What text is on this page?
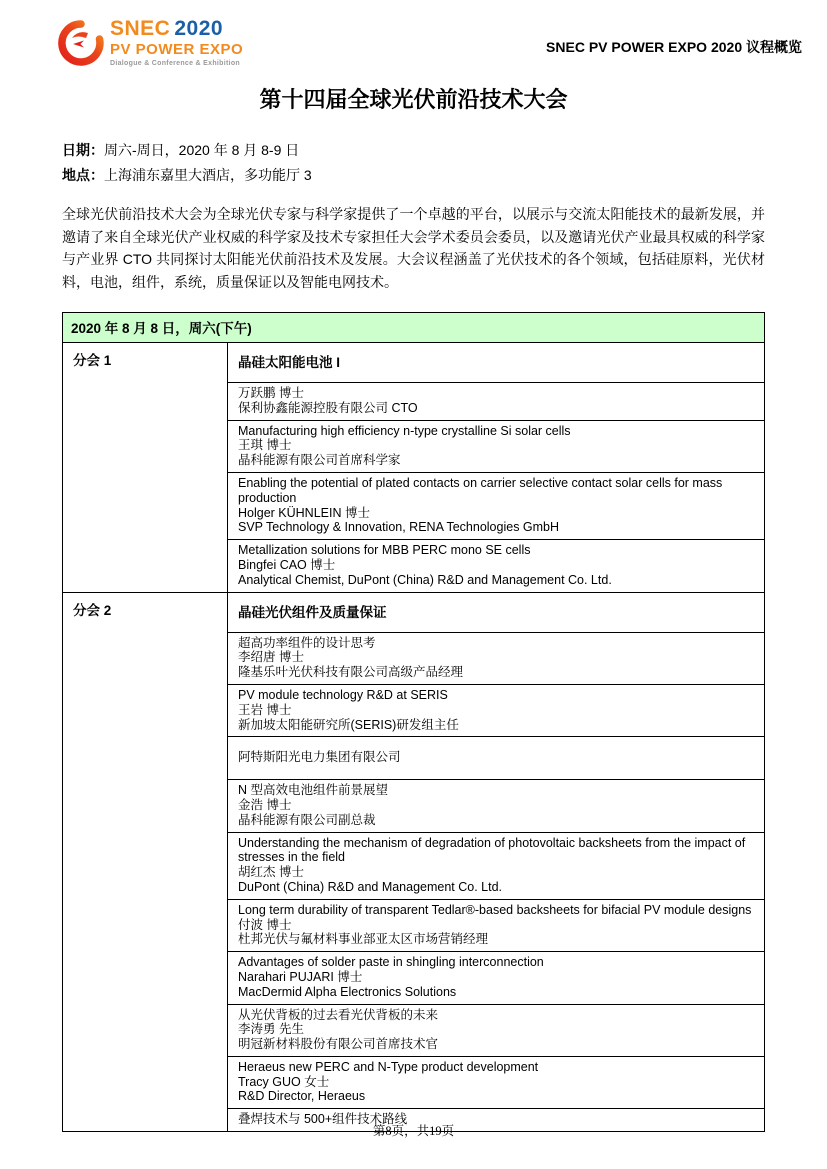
SNEC 2020
PV POWER EXPO
Dialogue & Conference & Exhibition
SNEC PV POWER EXPO 2020 议程概览
第十四届全球光伏前沿技术大会
日期：周六-周日，2020 年 8 月 8-9 日
地点：上海浦东嘉里大酒店，多功能厅 3

全球光伏前沿技术大会为全球光伏专家与科学家提供了一个卓越的平台，以展示与交流太阳能技术的最新发展，并邀请了来自全球光伏产业权威的科学家及技术专家担任大会学术委员会委员，以及邀请光伏产业最具权威的科学家与产业界 CTO 共同探讨太阳能光伏前沿技术及发展。大会议程涵盖了光伏技术的各个领域，包括硅原料，光伏材料，电池，组件，系统，质量保证以及智能电网技术。

2020 年 8 月 8 日，周六(下午)
分会 1	晶硅太阳能电池 I
万跃鹏 博士
保利协鑫能源控股有限公司 CTO
Manufacturing high efficiency n-type crystalline Si solar cells
王琪 博士
晶科能源有限公司首席科学家
Enabling the potential of plated contacts on carrier selective contact solar cells for mass production
Holger KÜHNLEIN 博士
SVP Technology & Innovation, RENA Technologies GmbH
Metallization solutions for MBB PERC mono SE cells
Bingfei CAO 博士
Analytical Chemist, DuPont (China) R&D and Management Co. Ltd.
分会 2	晶硅光伏组件及质量保证
超高功率组件的设计思考
李绍唐 博士
隆基乐叶光伏科技有限公司高级产品经理
PV module technology R&D at SERIS
王岩 博士
新加坡太阳能研究所(SERIS)研发组主任
阿特斯阳光电力集团有限公司
N 型高效电池组件前景展望
金浩 博士
晶科能源有限公司副总裁
Understanding the mechanism of degradation of photovoltaic backsheets from the impact of stresses in the field
胡红杰 博士
DuPont (China) R&D and Management Co. Ltd.
Long term durability of transparent Tedlar®-based backsheets for bifacial PV module designs
付波 博士
杜邦光伏与氟材料事业部亚太区市场营销经理
Advantages of solder paste in shingling interconnection
Narahari PUJARI 博士
MacDermid Alpha Electronics Solutions
从光伏背板的过去看光伏背板的未来
李涛勇 先生
明冠新材料股份有限公司首席技术官
Heraeus new PERC and N-Type product development
Tracy GUO 女士
R&D Director, Heraeus
叠焊技术与 500+组件技术路线
第8页，共19页
